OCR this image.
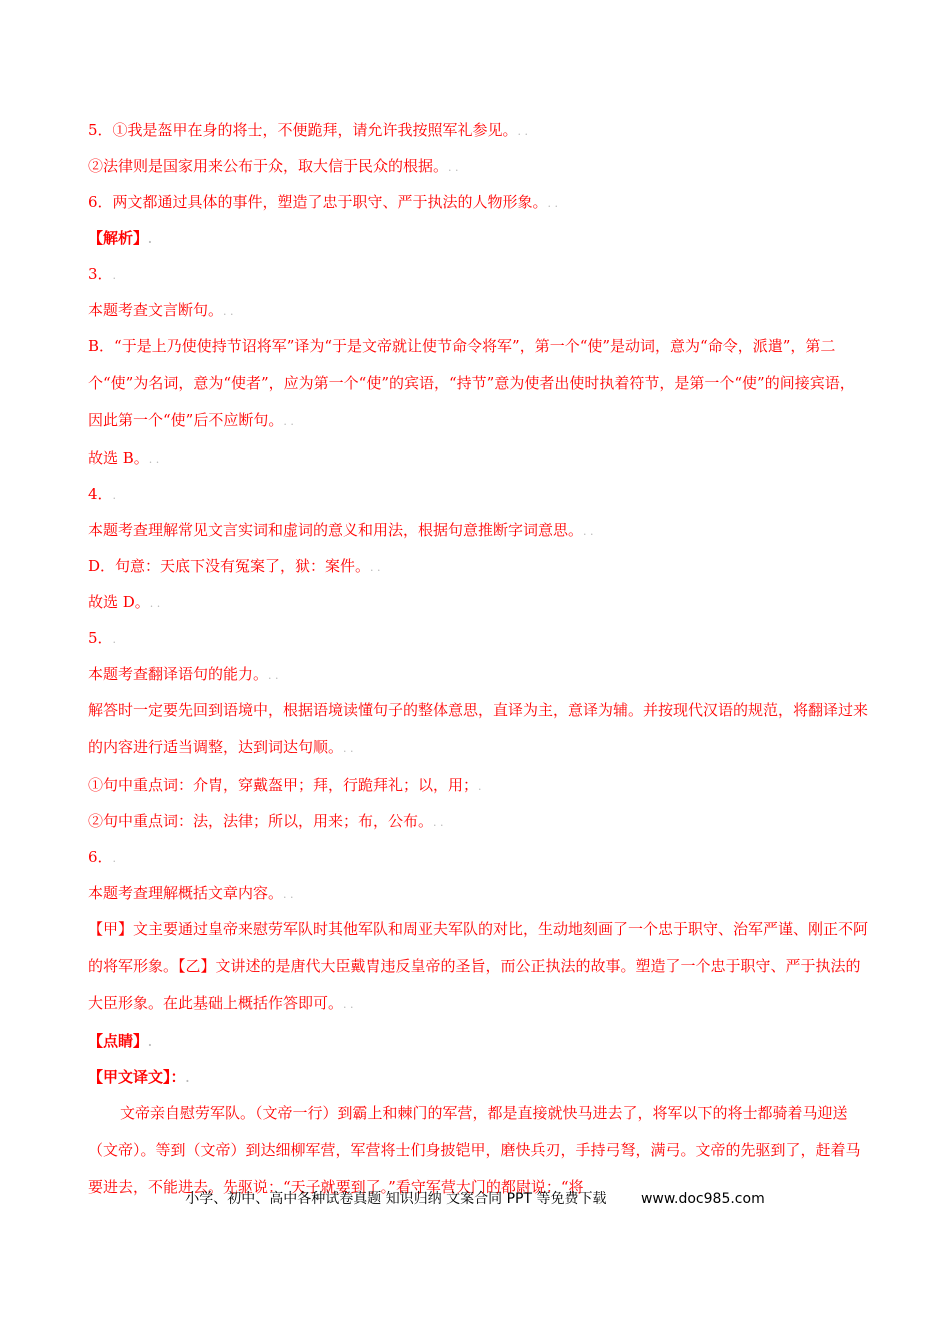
5．①我是盔甲在身的将士，不便跪拜，请允许我按照军礼参见。. .
②法律则是国家用来公布于众，取大信于民众的根据。. .
6．两文都通过具体的事件，塑造了忠于职守、严于执法的人物形象。. .
【解析】.
3．.
本题考查文言断句。. .
B．“于是上乃使使持节诏将军”译为“于是文帝就让使节命令将军”，第一个“使”是动词，意为“命令，派遣”，第二个“使”为名词，意为“使者”，应为第一个“使”的宾语，“持节”意为使者出使时执着符节，是第一个“使”的间接宾语，因此第一个“使”后不应断句。. .
故选 B。. .
4．.
本题考查理解常见文言实词和虚词的意义和用法，根据句意推断字词意思。. .
D．句意：天底下没有冤案了，狱：案件。. .
故选 D。. .
5．.
本题考查翻译语句的能力。. .
解答时一定要先回到语境中，根据语境读懂句子的整体意思，直译为主，意译为辅。并按现代汉语的规范，将翻译过来的内容进行适当调整，达到词达句顺。. .
①句中重点词：介胄，穿戴盔甲；拜，行跪拜礼；以，用；.
②句中重点词：法，法律；所以，用来；布，公布。. .
6．.
本题考查理解概括文章内容。. .
【甲】文主要通过皇帝来慰劳军队时其他军队和周亚夫军队的对比，生动地刻画了一个忠于职守、治军严谨、刚正不阿的将军形象。【乙】文讲述的是唐代大臣戴胄违反皇帝的圣旨，而公正执法的故事。塑造了一个忠于职守、严于执法的大臣形象。在此基础上概括作答即可。. .
【点睛】.
【甲文译文】：.
文帝亲自慰劳军队。（文帝一行）到霸上和棘门的军营，都是直接就快马进去了，将军以下的将士都骑着马迎送（文帝）。等到（文帝）到达细柳军营，军营将士们身披铠甲，磨快兵刃，手持弓弩，满弓。文帝的先驱到了，赶着马要进去，不能进去。先驱说：“天子就要到了。”看守军营大门的都尉说：“将
小学、初中、高中各种试卷真题 知识归纳 文案合同 PPT 等免费下载 www.doc985.com
